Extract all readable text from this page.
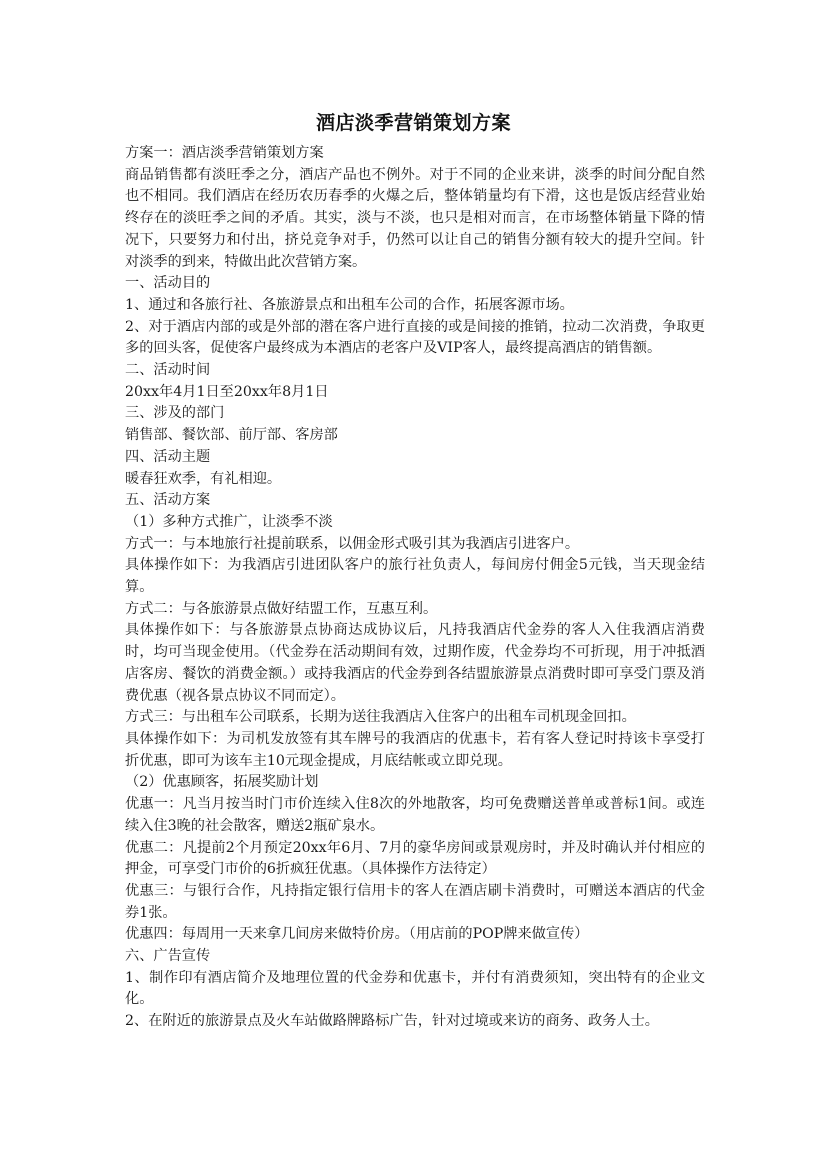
酒店淡季营销策划方案

方案一：酒店淡季营销策划方案

商品销售都有淡旺季之分，酒店产品也不例外。对于不同的企业来讲，淡季的时间分配自然也不相同。我们酒店在经历农历春季的火爆之后，整体销量均有下滑，这也是饭店经营业始终存在的淡旺季之间的矛盾。其实，淡与不淡，也只是相对而言，在市场整体销量下降的情况下，只要努力和付出，挤兑竞争对手，仍然可以让自己的销售分额有较大的提升空间。针对淡季的到来，特做出此次营销方案。

一、活动目的

1、通过和各旅行社、各旅游景点和出租车公司的合作，拓展客源市场。

2、对于酒店内部的或是外部的潜在客户进行直接的或是间接的推销，拉动二次消费，争取更多的回头客，促使客户最终成为本酒店的老客户及VIP客人，最终提高酒店的销售额。

二、活动时间

20xx年4月1日至20xx年8月1日

三、涉及的部门

销售部、餐饮部、前厅部、客房部

四、活动主题

暖春狂欢季，有礼相迎。

五、活动方案

（1）多种方式推广，让淡季不淡

方式一：与本地旅行社提前联系，以佣金形式吸引其为我酒店引进客户。

具体操作如下：为我酒店引进团队客户的旅行社负责人，每间房付佣金5元钱，当天现金结算。

方式二：与各旅游景点做好结盟工作，互惠互利。

具体操作如下：与各旅游景点协商达成协议后，凡持我酒店代金券的客人入住我酒店消费时，均可当现金使用。（代金券在活动期间有效，过期作废，代金券均不可折现，用于冲抵酒店客房、餐饮的消费金额。）或持我酒店的代金券到各结盟旅游景点消费时即可享受门票及消费优惠（视各景点协议不同而定）。

方式三：与出租车公司联系，长期为送往我酒店入住客户的出租车司机现金回扣。

具体操作如下：为司机发放签有其车牌号的我酒店的优惠卡，若有客人登记时持该卡享受打折优惠，即可为该车主10元现金提成，月底结帐或立即兑现。

（2）优惠顾客，拓展奖励计划

优惠一：凡当月按当时门市价连续入住8次的外地散客，均可免费赠送普单或普标1间。或连续入住3晚的社会散客，赠送2瓶矿泉水。

优惠二：凡提前2个月预定20xx年6月、7月的豪华房间或景观房时，并及时确认并付相应的押金，可享受门市价的6折疯狂优惠。（具体操作方法待定）

优惠三：与银行合作，凡持指定银行信用卡的客人在酒店刷卡消费时，可赠送本酒店的代金券1张。

优惠四：每周用一天来拿几间房来做特价房。（用店前的POP牌来做宣传）

六、广告宣传

1、制作印有酒店简介及地理位置的代金券和优惠卡，并付有消费须知，突出特有的企业文化。

2、在附近的旅游景点及火车站做路牌路标广告，针对过境或来访的商务、政务人士。
